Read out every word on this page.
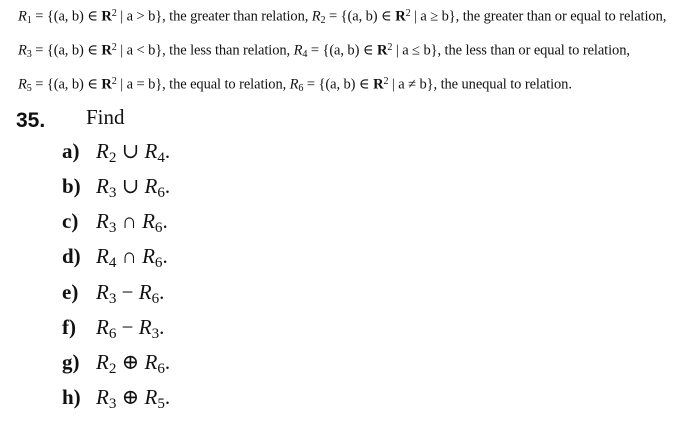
$R_1 = \{(a$, b) ∈ $R^2$ | a > b}, the greater than relation, $R_2 = \{(a$, b) ∈ $R^2$ | a ≥ b}, the greater than or equal to relation,
$R_3 = \{(a$, b) ∈ $R^2$ | a < b}, the less than relation, $R_4 = \{(a$, b) ∈ $R^2$ | a ≤ b}, the less than or equal to relation,
$R_5 = \{(a$, b) ∈ $R^2$ | a = b}, the equal to relation, $R_6 = \{(a$, b) ∈ $R^2$ | a ≠ b}, the unequal to relation.
35. Find
a) $R_2$ ∪ $R_4$.
b) $R_3$ ∪ $R_6$.
c) $R_3$ ∩ $R_6$.
d) $R_4$ ∩ $R_6$.
e) $R_3 - R_6$.
f) $R_6 - R_3$.
g) $R_2$ ⊕ $R_6$.
h) $R_3$ ⊕ $R_5$.
